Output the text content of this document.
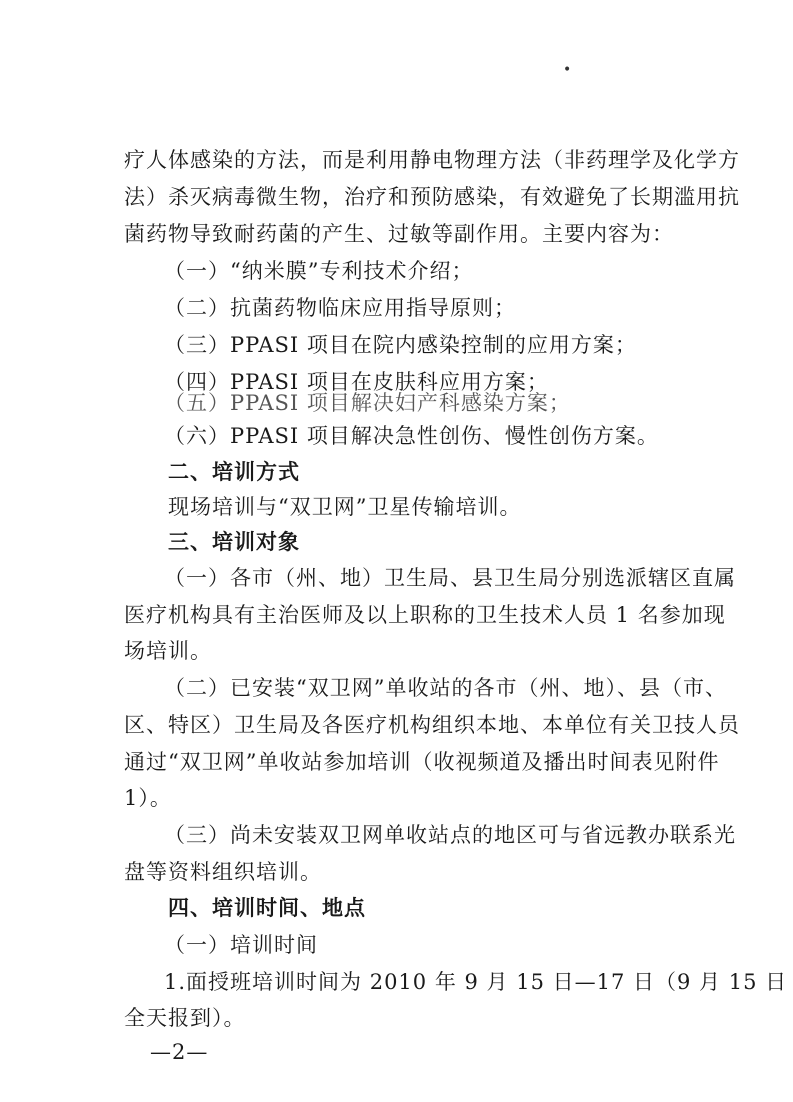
•

疗人体感染的方法，而是利用静电物理方法（非药理学及化学方

法）杀灭病毒微生物，治疗和预防感染，有效避免了长期滥用抗

菌药物导致耐药菌的产生、过敏等副作用。主要内容为：

（一）“纳米膜”专利技术介绍；

（二）抗菌药物临床应用指导原则；

（三）PPASI 项目在院内感染控制的应用方案；

（四）PPASI 项目在皮肤科应用方案；

（五）PPASI 项目解决妇产科感染方案；

（六）PPASI 项目解决急性创伤、慢性创伤方案。

二、培训方式

现场培训与“双卫网”卫星传输培训。

三、培训对象

（一）各市（州、地）卫生局、县卫生局分别选派辖区直属

医疗机构具有主治医师及以上职称的卫生技术人员 1 名参加现

场培训。

（二）已安装“双卫网”单收站的各市（州、地）、县（市、

区、特区）卫生局及各医疗机构组织本地、本单位有关卫技人员

通过“双卫网”单收站参加培训（收视频道及播出时间表见附件

1）。

（三）尚未安装双卫网单收站点的地区可与省远教办联系光

盘等资料组织培训。

四、培训时间、地点

（一）培训时间

1.面授班培训时间为 2010 年 9 月 15 日—17 日（9 月 15 日

全天报到）。

—2—
